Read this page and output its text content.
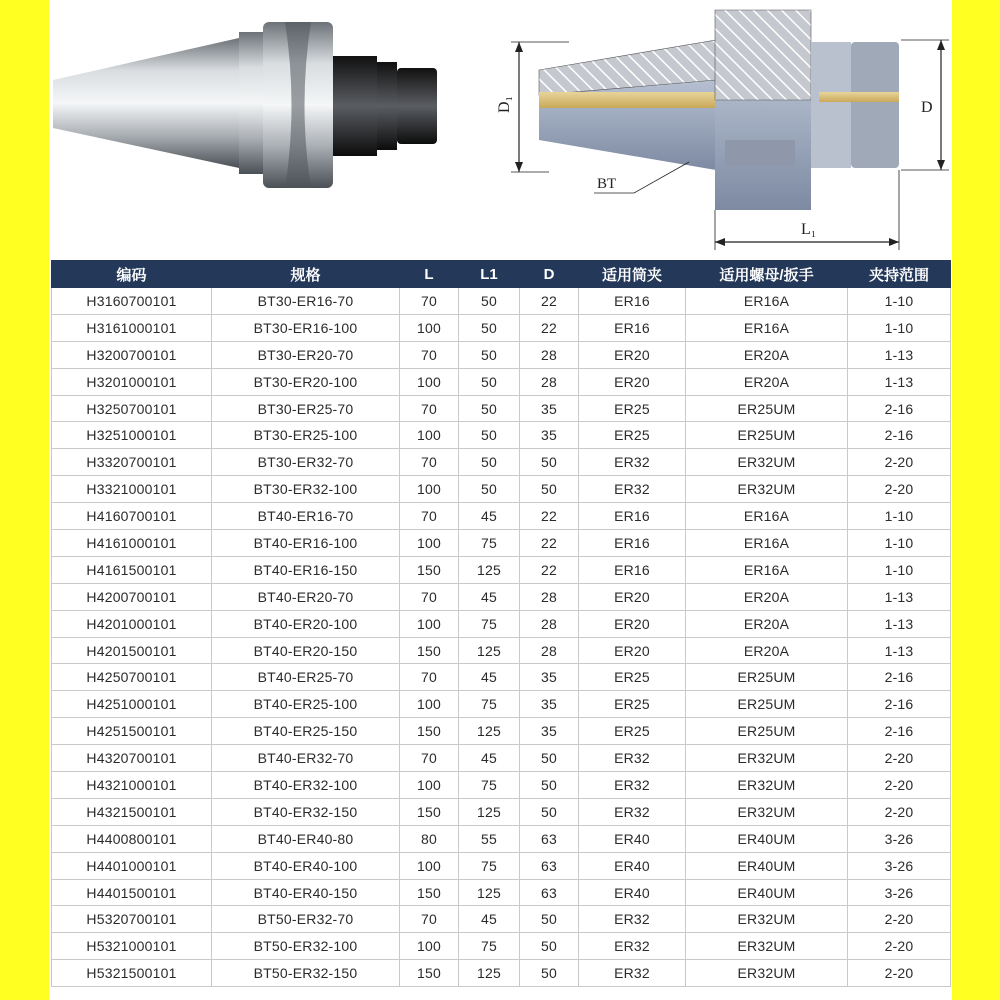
D₁	D
BT
L₁
编码	规格	L	L1	D	适用筒夹	适用螺母/扳手	夹持范围
H3160700101	BT30-ER16-70	70	50	22	ER16	ER16A	1-10
H3161000101	BT30-ER16-100	100	50	22	ER16	ER16A	1-10
H3200700101	BT30-ER20-70	70	50	28	ER20	ER20A	1-13
H3201000101	BT30-ER20-100	100	50	28	ER20	ER20A	1-13
H3250700101	BT30-ER25-70	70	50	35	ER25	ER25UM	2-16
H3251000101	BT30-ER25-100	100	50	35	ER25	ER25UM	2-16
H3320700101	BT30-ER32-70	70	50	50	ER32	ER32UM	2-20
H3321000101	BT30-ER32-100	100	50	50	ER32	ER32UM	2-20
H4160700101	BT40-ER16-70	70	45	22	ER16	ER16A	1-10
H4161000101	BT40-ER16-100	100	75	22	ER16	ER16A	1-10
H4161500101	BT40-ER16-150	150	125	22	ER16	ER16A	1-10
H4200700101	BT40-ER20-70	70	45	28	ER20	ER20A	1-13
H4201000101	BT40-ER20-100	100	75	28	ER20	ER20A	1-13
H4201500101	BT40-ER20-150	150	125	28	ER20	ER20A	1-13
H4250700101	BT40-ER25-70	70	45	35	ER25	ER25UM	2-16
H4251000101	BT40-ER25-100	100	75	35	ER25	ER25UM	2-16
H4251500101	BT40-ER25-150	150	125	35	ER25	ER25UM	2-16
H4320700101	BT40-ER32-70	70	45	50	ER32	ER32UM	2-20
H4321000101	BT40-ER32-100	100	75	50	ER32	ER32UM	2-20
H4321500101	BT40-ER32-150	150	125	50	ER32	ER32UM	2-20
H4400800101	BT40-ER40-80	80	55	63	ER40	ER40UM	3-26
H4401000101	BT40-ER40-100	100	75	63	ER40	ER40UM	3-26
H4401500101	BT40-ER40-150	150	125	63	ER40	ER40UM	3-26
H5320700101	BT50-ER32-70	70	45	50	ER32	ER32UM	2-20
H5321000101	BT50-ER32-100	100	75	50	ER32	ER32UM	2-20
H5321500101	BT50-ER32-150	150	125	50	ER32	ER32UM	2-20
